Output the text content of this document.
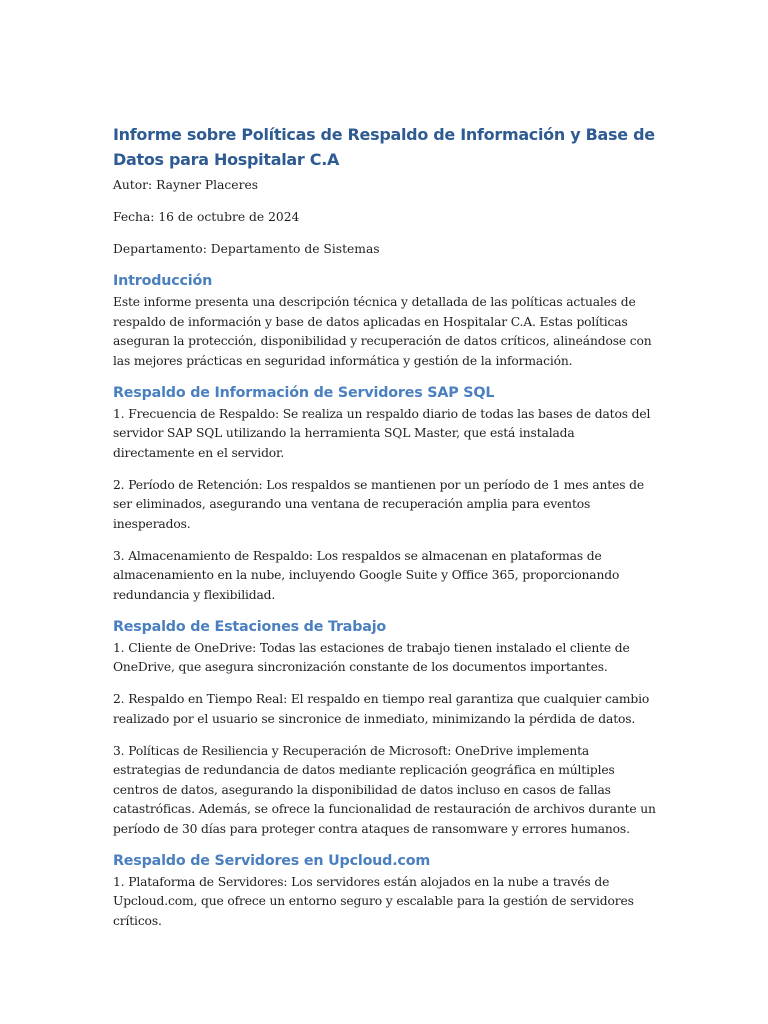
Informe sobre Políticas de Respaldo de Información y Base de Datos para Hospitalar C.A

Autor: Rayner Placeres

Fecha: 16 de octubre de 2024

Departamento: Departamento de Sistemas

Introducción

Este informe presenta una descripción técnica y detallada de las políticas actuales de respaldo de información y base de datos aplicadas en Hospitalar C.A. Estas políticas aseguran la protección, disponibilidad y recuperación de datos críticos, alineándose con las mejores prácticas en seguridad informática y gestión de la información.

Respaldo de Información de Servidores SAP SQL

1. Frecuencia de Respaldo: Se realiza un respaldo diario de todas las bases de datos del servidor SAP SQL utilizando la herramienta SQL Master, que está instalada directamente en el servidor.

2. Período de Retención: Los respaldos se mantienen por un período de 1 mes antes de ser eliminados, asegurando una ventana de recuperación amplia para eventos inesperados.

3. Almacenamiento de Respaldo: Los respaldos se almacenan en plataformas de almacenamiento en la nube, incluyendo Google Suite y Office 365, proporcionando redundancia y flexibilidad.

Respaldo de Estaciones de Trabajo

1. Cliente de OneDrive: Todas las estaciones de trabajo tienen instalado el cliente de OneDrive, que asegura sincronización constante de los documentos importantes.

2. Respaldo en Tiempo Real: El respaldo en tiempo real garantiza que cualquier cambio realizado por el usuario se sincronice de inmediato, minimizando la pérdida de datos.

3. Políticas de Resiliencia y Recuperación de Microsoft: OneDrive implementa estrategias de redundancia de datos mediante replicación geográfica en múltiples centros de datos, asegurando la disponibilidad de datos incluso en casos de fallas catastróficas. Además, se ofrece la funcionalidad de restauración de archivos durante un período de 30 días para proteger contra ataques de ransomware y errores humanos.

Respaldo de Servidores en Upcloud.com

1. Plataforma de Servidores: Los servidores están alojados en la nube a través de Upcloud.com, que ofrece un entorno seguro y escalable para la gestión de servidores críticos.
